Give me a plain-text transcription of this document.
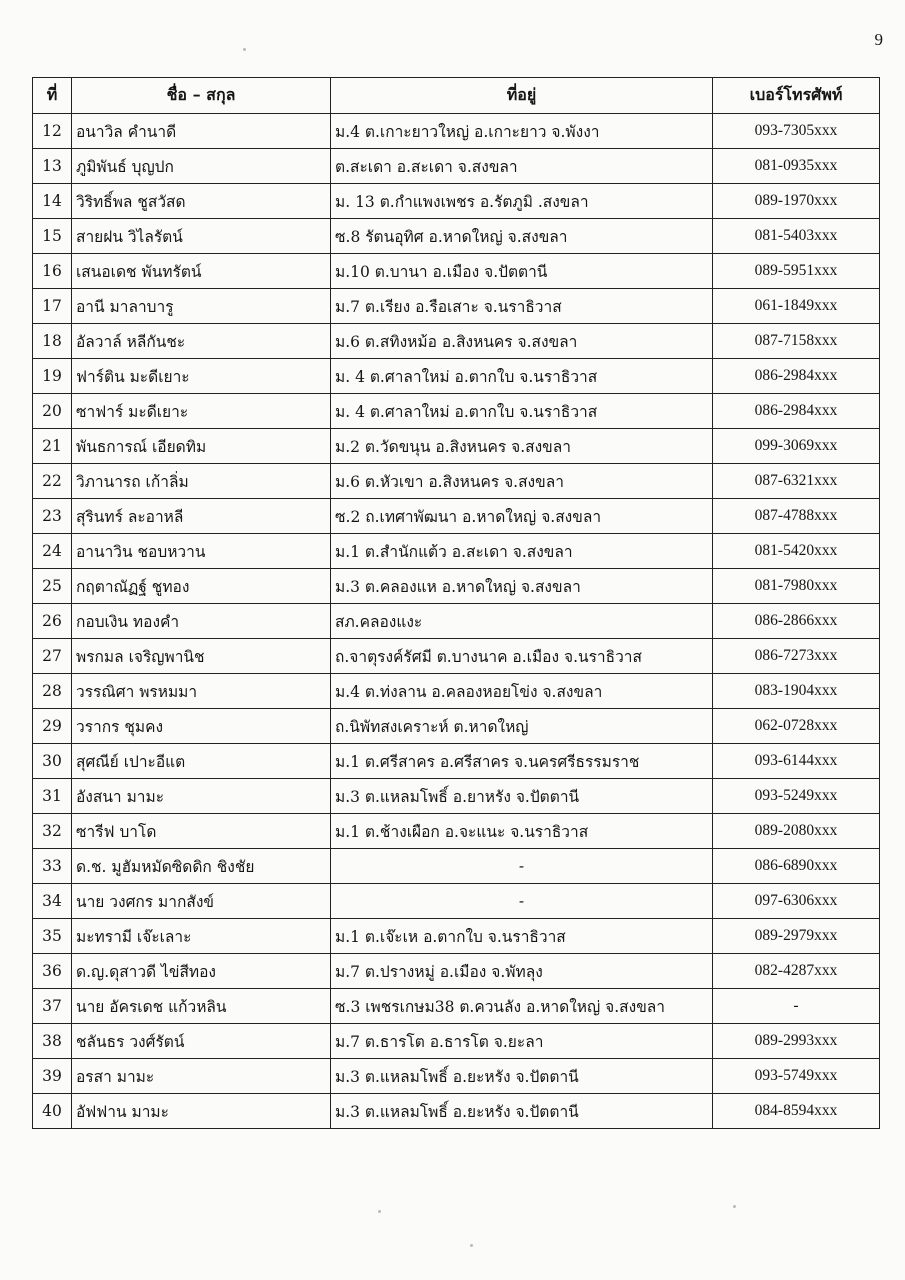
9
ที่	ชื่อ – สกุล	ที่อยู่	เบอร์โทรศัพท์
12	อนาวิล คำนาดี	ม.4 ต.เกาะยาวใหญ่ อ.เกาะยาว จ.พังงา	093-7305xxx
13	ภูมิพันธ์ บุญปก	ต.สะเดา อ.สะเดา จ.สงขลา	081-0935xxx
14	วิริทธิ์พล ชูสวัสด	ม. 13 ต.กำแพงเพชร อ.รัตภูมิ .สงขลา	089-1970xxx
15	สายฝน วิไลรัตน์	ซ.8 รัตนอุทิศ อ.หาดใหญ่ จ.สงขลา	081-5403xxx
16	เสนอเดช พันทรัตน์	ม.10 ต.บานา อ.เมือง จ.ปัตตานี	089-5951xxx
17	อานี มาลาบารู	ม.7 ต.เรียง อ.รือเสาะ จ.นราธิวาส	061-1849xxx
18	อัลวาล์ หลีกันชะ	ม.6 ต.สทิงหม้อ อ.สิงหนคร จ.สงขลา	087-7158xxx
19	ฟาร์ติน มะดีเยาะ	ม. 4 ต.ศาลาใหม่ อ.ตากใบ จ.นราธิวาส	086-2984xxx
20	ซาฟาร์ มะดีเยาะ	ม. 4 ต.ศาลาใหม่ อ.ตากใบ จ.นราธิวาส	086-2984xxx
21	พันธการณ์ เอียดทิม	ม.2 ต.วัดขนุน อ.สิงหนคร จ.สงขลา	099-3069xxx
22	วิภานารถ เก้าลิ่ม	ม.6 ต.หัวเขา อ.สิงหนคร จ.สงขลา	087-6321xxx
23	สุรินทร์ ละอาหลี	ซ.2 ถ.เทศาพัฒนา อ.หาดใหญ่ จ.สงขลา	087-4788xxx
24	อานาวิน ชอบหวาน	ม.1 ต.สำนักแต้ว อ.สะเดา จ.สงขลา	081-5420xxx
25	กฤตาณัฏฐ์ ชูทอง	ม.3 ต.คลองแห อ.หาดใหญ่ จ.สงขลา	081-7980xxx
26	กอบเงิน ทองคำ	สภ.คลองแงะ	086-2866xxx
27	พรกมล เจริญพานิช	ถ.จาตุรงค์รัศมี ต.บางนาค อ.เมือง จ.นราธิวาส	086-7273xxx
28	วรรณิศา พรหมมา	ม.4 ต.ท่งลาน อ.คลองหอยโข่ง จ.สงขลา	083-1904xxx
29	วรากร ชุมคง	ถ.นิพัทสงเคราะห์ ต.หาดใหญ่	062-0728xxx
30	สุศณีย์ เปาะอีแต	ม.1 ต.ศรีสาคร อ.ศรีสาคร จ.นครศรีธรรมราช	093-6144xxx
31	อังสนา มามะ	ม.3 ต.แหลมโพธิ์ อ.ยาหรัง จ.ปัตตานี	093-5249xxx
32	ซารีฟ บาโด	ม.1 ต.ช้างเผือก อ.จะแนะ จ.นราธิวาส	089-2080xxx
33	ด.ช. มูฮัมหมัดซิดดิก ชิงชัย	-	086-6890xxx
34	นาย วงศกร มากสังข์	-	097-6306xxx
35	มะทรามี เจ๊ะเลาะ	ม.1 ต.เจ๊ะเห อ.ตากใบ จ.นราธิวาส	089-2979xxx
36	ด.ญ.ดุสาวดี ไข่สีทอง	ม.7 ต.ปรางหมู่ อ.เมือง จ.พัทลุง	082-4287xxx
37	นาย อัครเดช แก้วหลิน	ซ.3 เพชรเกษม38 ต.ควนลัง อ.หาดใหญ่ จ.สงขลา	-
38	ชลันธร วงศ์รัตน์	ม.7 ต.ธารโต อ.ธารโต จ.ยะลา	089-2993xxx
39	อรสา มามะ	ม.3 ต.แหลมโพธิ์ อ.ยะหรัง จ.ปัตตานี	093-5749xxx
40	อัฟฟาน มามะ	ม.3 ต.แหลมโพธิ์ อ.ยะหรัง จ.ปัตตานี	084-8594xxx
